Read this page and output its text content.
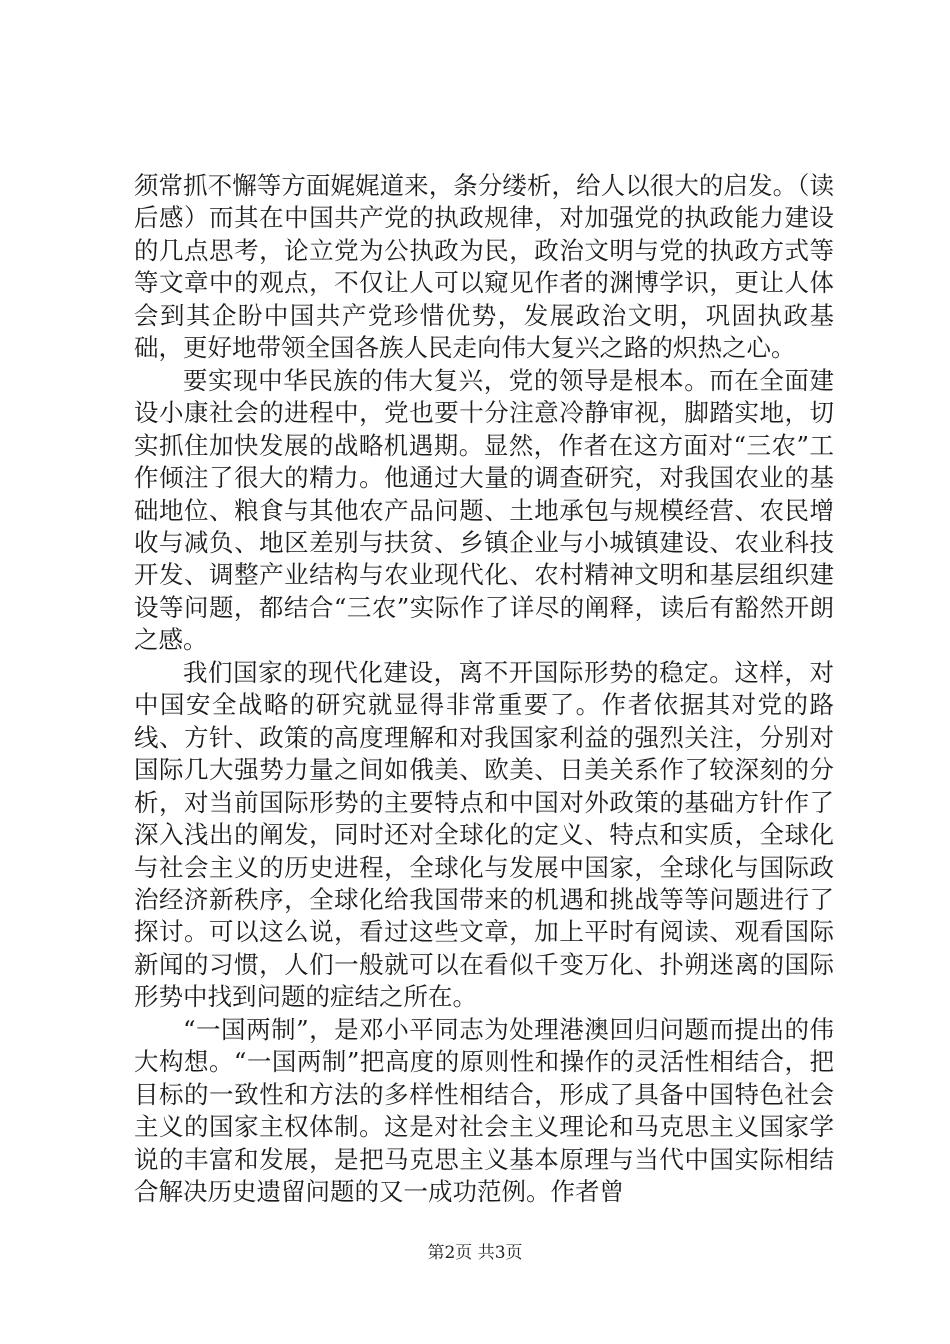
须常抓不懈等方面娓娓道来，条分缕析，给人以很大的启发。（读后感）而其在中国共产党的执政规律，对加强党的执政能力建设的几点思考，论立党为公执政为民，政治文明与党的执政方式等等文章中的观点，不仅让人可以窥见作者的渊博学识，更让人体会到其企盼中国共产党珍惜优势，发展政治文明，巩固执政基础，更好地带领全国各族人民走向伟大复兴之路的炽热之心。

要实现中华民族的伟大复兴，党的领导是根本。而在全面建设小康社会的进程中，党也要十分注意冷静审视，脚踏实地，切实抓住加快发展的战略机遇期。显然，作者在这方面对“三农”工作倾注了很大的精力。他通过大量的调查研究，对我国农业的基础地位、粮食与其他农产品问题、土地承包与规模经营、农民增收与减负、地区差别与扶贫、乡镇企业与小城镇建设、农业科技开发、调整产业结构与农业现代化、农村精神文明和基层组织建设等问题，都结合“三农”实际作了详尽的阐释，读后有豁然开朗之感。

我们国家的现代化建设，离不开国际形势的稳定。这样，对中国安全战略的研究就显得非常重要了。作者依据其对党的路线、方针、政策的高度理解和对我国家利益的强烈关注，分别对国际几大强势力量之间如俄美、欧美、日美关系作了较深刻的分析，对当前国际形势的主要特点和中国对外政策的基础方针作了深入浅出的阐发，同时还对全球化的定义、特点和实质，全球化与社会主义的历史进程，全球化与发展中国家，全球化与国际政治经济新秩序，全球化给我国带来的机遇和挑战等等问题进行了探讨。可以这么说，看过这些文章，加上平时有阅读、观看国际新闻的习惯，人们一般就可以在看似千变万化、扑朔迷离的国际形势中找到问题的症结之所在。

“一国两制”，是邓小平同志为处理港澳回归问题而提出的伟大构想。“一国两制”把高度的原则性和操作的灵活性相结合，把目标的一致性和方法的多样性相结合，形成了具备中国特色社会主义的国家主权体制。这是对社会主义理论和马克思主义国家学说的丰富和发展，是把马克思主义基本原理与当代中国实际相结合解决历史遗留问题的又一成功范例。作者曾

第2页 共3页
